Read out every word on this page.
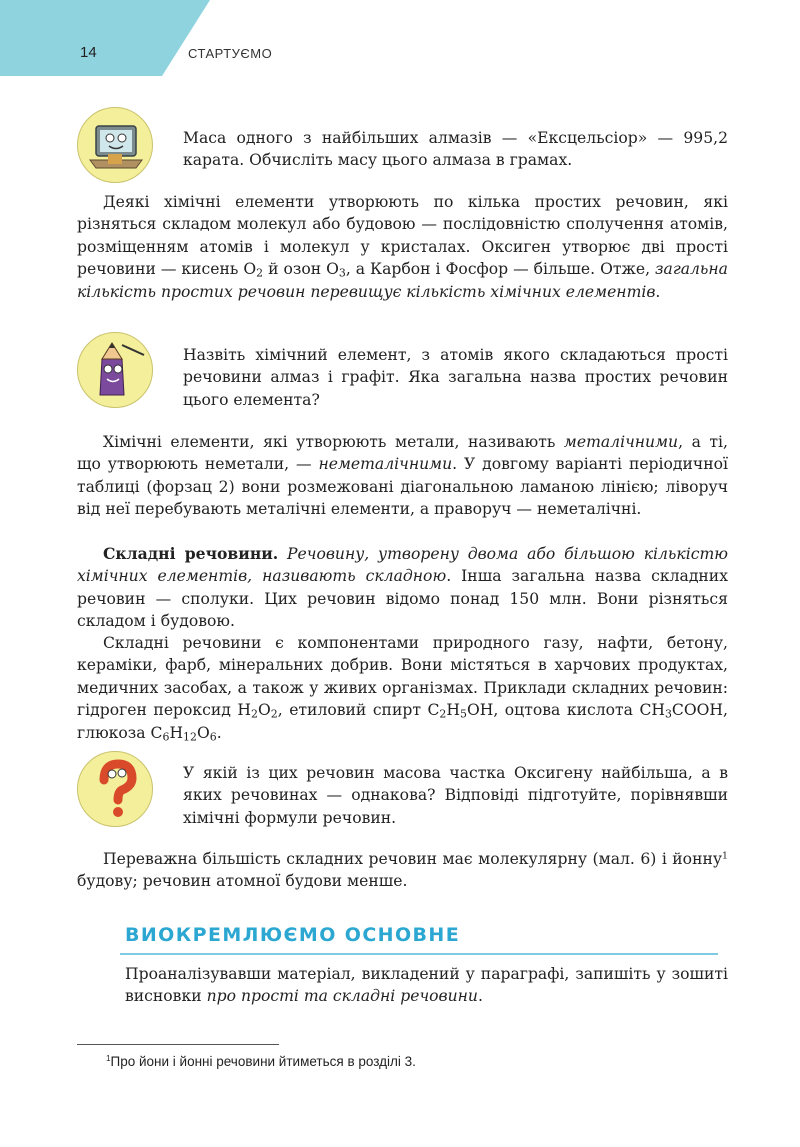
14	СТАРТУЄМО

Маса одного з найбільших алмазів — «Ексцельсіор» — 995,2 карата. Обчисліть масу цього алмаза в грамах.

Деякі хімічні елементи утворюють по кілька простих речовин, які різняться складом молекул або будовою — послідовністю сполучення атомів, розміщенням атомів і молекул у кристалах. Оксиген утворює дві прості речовини — кисень $O_2$ й озон $O_3$, а Карбон і Фосфор — більше. Отже, загальна кількість простих речовин перевищує кількість хімічних елементів.

Назвіть хімічний елемент, з атомів якого складаються прості речовини алмаз і графіт. Яка загальна назва простих речовин цього елемента?

Хімічні елементи, які утворюють метали, називають металічними, а ті, що утворюють неметали, — неметалічними. У довгому варіанті періодичної таблиці (форзац 2) вони розмежовані діагональною ламаною лінією; ліворуч від неї перебувають металічні елементи, а праворуч — неметалічні.

Складні речовини. Речовину, утворену двома або більшою кількістю хімічних елементів, називають складною. Інша загальна назва складних речовин — сполуки. Цих речовин відомо понад 150 млн. Вони різняться складом і будовою.

Складні речовини є компонентами природного газу, нафти, бетону, кераміки, фарб, мінеральних добрив. Вони містяться в харчових продуктах, медичних засобах, а також у живих організмах. Приклади складних речовин: гідроген пероксид $H_2O_2$, етиловий спирт $C_2H_5OH$, оцтова кислота $CH_3COOH$, глюкоза $C_6H_{12}O_6$.

У якій із цих речовин масова частка Оксигену найбільша, а в яких речовинах — однакова? Відповіді підготуйте, порівнявши хімічні формули речовин.

Переважна більшість складних речовин має молекулярну (мал. 6) і йонну$^1$ будову; речовин атомної будови менше.

ВИОКРЕМЛЮЄМО ОСНОВНЕ

Проаналізувавши матеріал, викладений у параграфі, запишіть у зошиті висновки про прості та складні речовини.

$^1$Про йони і йонні речовини йтиметься в розділі 3.
